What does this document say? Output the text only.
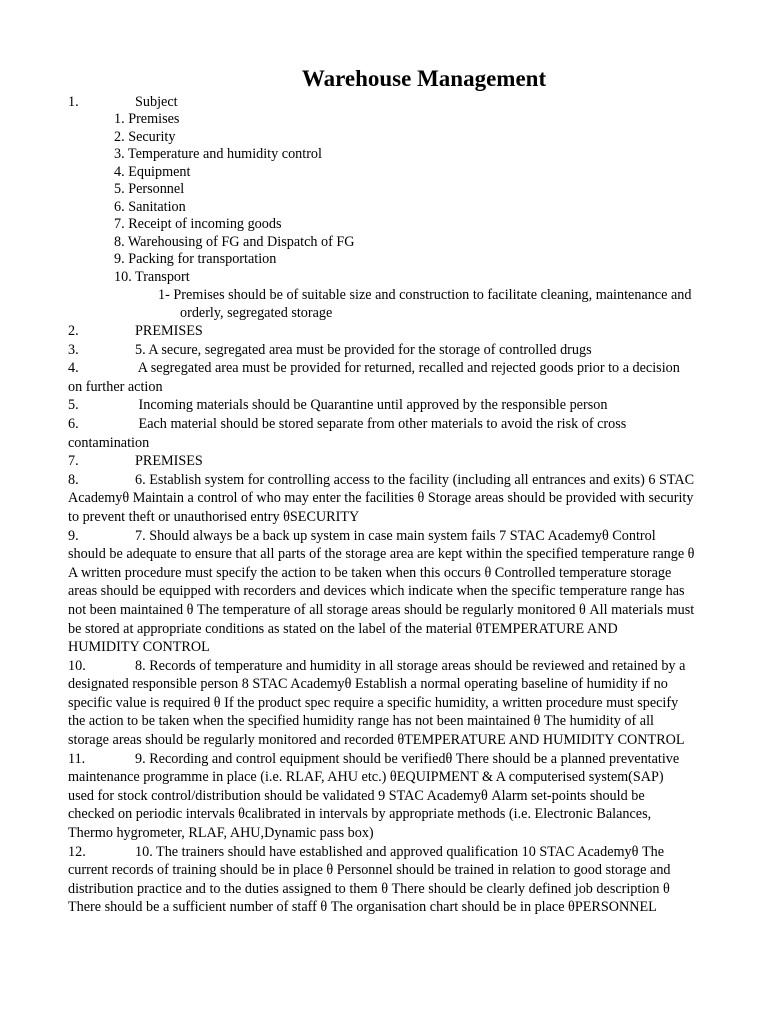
Warehouse Management
1.	Subject
1. Premises
2. Security
3. Temperature and humidity control
4. Equipment
5. Personnel
6. Sanitation
7. Receipt of incoming goods
8. Warehousing of FG and Dispatch of FG
9. Packing for transportation
10. Transport
1- Premises should be of suitable size and construction to facilitate cleaning, maintenance and
orderly, segregated storage
2.	PREMISES
3.	5. A secure, segregated area must be provided for the storage of controlled drugs
4.	A segregated area must be provided for returned, recalled and rejected goods prior to a decision
on further action
5.	Incoming materials should be Quarantine until approved by the responsible person
6.	Each material should be stored separate from other materials to avoid the risk of cross
contamination
7.	PREMISES
8.	6. Establish system for controlling access to the facility (including all entrances and exits) 6 STAC
Academyθ Maintain a control of who may enter the facilities θ Storage areas should be provided with security
to prevent theft or unauthorised entry θSECURITY
9.	7. Should always be a back up system in case main system fails 7 STAC Academyθ Control
should be adequate to ensure that all parts of the storage area are kept within the specified temperature range θ
A written procedure must specify the action to be taken when this occurs θ Controlled temperature storage
areas should be equipped with recorders and devices which indicate when the specific temperature range has
not been maintained θ The temperature of all storage areas should be regularly monitored θ All materials must
be stored at appropriate conditions as stated on the label of the material θTEMPERATURE AND
HUMIDITY CONTROL
10.	8. Records of temperature and humidity in all storage areas should be reviewed and retained by a
designated responsible person 8 STAC Academyθ Establish a normal operating baseline of humidity if no
specific value is required θ If the product spec require a specific humidity, a written procedure must specify
the action to be taken when the specified humidity range has not been maintained θ The humidity of all
storage areas should be regularly monitored and recorded θTEMPERATURE AND HUMIDITY CONTROL
11.	9. Recording and control equipment should be verifiedθ There should be a planned preventative
maintenance programme in place (i.e. RLAF, AHU etc.) θEQUIPMENT & A computerised system(SAP)
used for stock control/distribution should be validated 9 STAC Academyθ Alarm set-points should be
checked on periodic intervals θcalibrated in intervals by appropriate methods (i.e. Electronic Balances,
Thermo hygrometer, RLAF, AHU,Dynamic pass box)
12.	10. The trainers should have established and approved qualification 10 STAC Academyθ The
current records of training should be in place θ Personnel should be trained in relation to good storage and
distribution practice and to the duties assigned to them θ There should be clearly defined job description θ
There should be a sufficient number of staff θ The organisation chart should be in place θPERSONNEL
